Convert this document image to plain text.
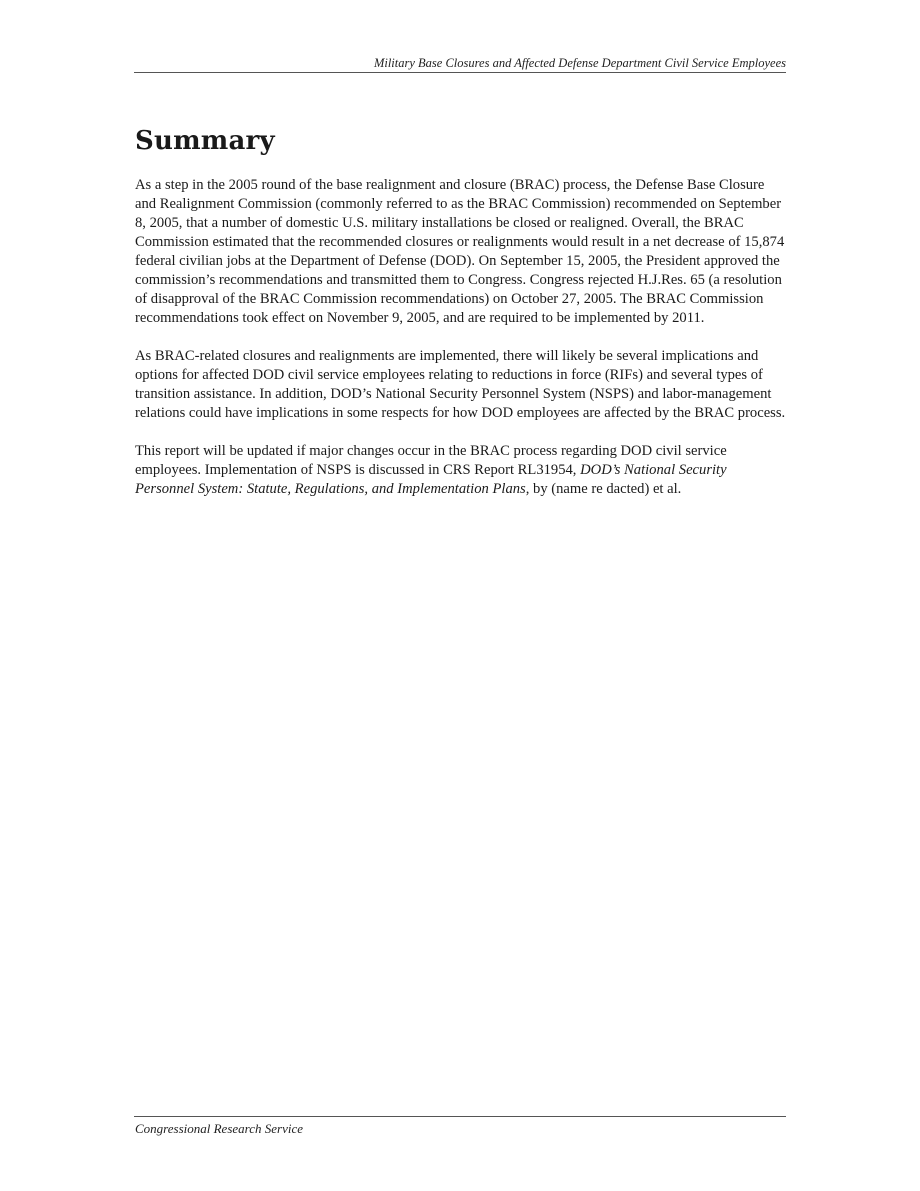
Military Base Closures and Affected Defense Department Civil Service Employees
Summary

As a step in the 2005 round of the base realignment and closure (BRAC) process, the Defense Base Closure and Realignment Commission (commonly referred to as the BRAC Commission) recommended on September 8, 2005, that a number of domestic U.S. military installations be closed or realigned. Overall, the BRAC Commission estimated that the recommended closures or realignments would result in a net decrease of 15,874 federal civilian jobs at the Department of Defense (DOD). On September 15, 2005, the President approved the commission’s recommendations and transmitted them to Congress. Congress rejected H.J.Res. 65 (a resolution of disapproval of the BRAC Commission recommendations) on October 27, 2005. The BRAC Commission recommendations took effect on November 9, 2005, and are required to be implemented by 2011.

As BRAC-related closures and realignments are implemented, there will likely be several implications and options for affected DOD civil service employees relating to reductions in force (RIFs) and several types of transition assistance. In addition, DOD’s National Security Personnel System (NSPS) and labor-management relations could have implications in some respects for how DOD employees are affected by the BRAC process.

This report will be updated if major changes occur in the BRAC process regarding DOD civil service employees. Implementation of NSPS is discussed in CRS Report RL31954, DOD’s National Security Personnel System: Statute, Regulations, and Implementation Plans, by (name re dacted) et al.

Congressional Research Service
